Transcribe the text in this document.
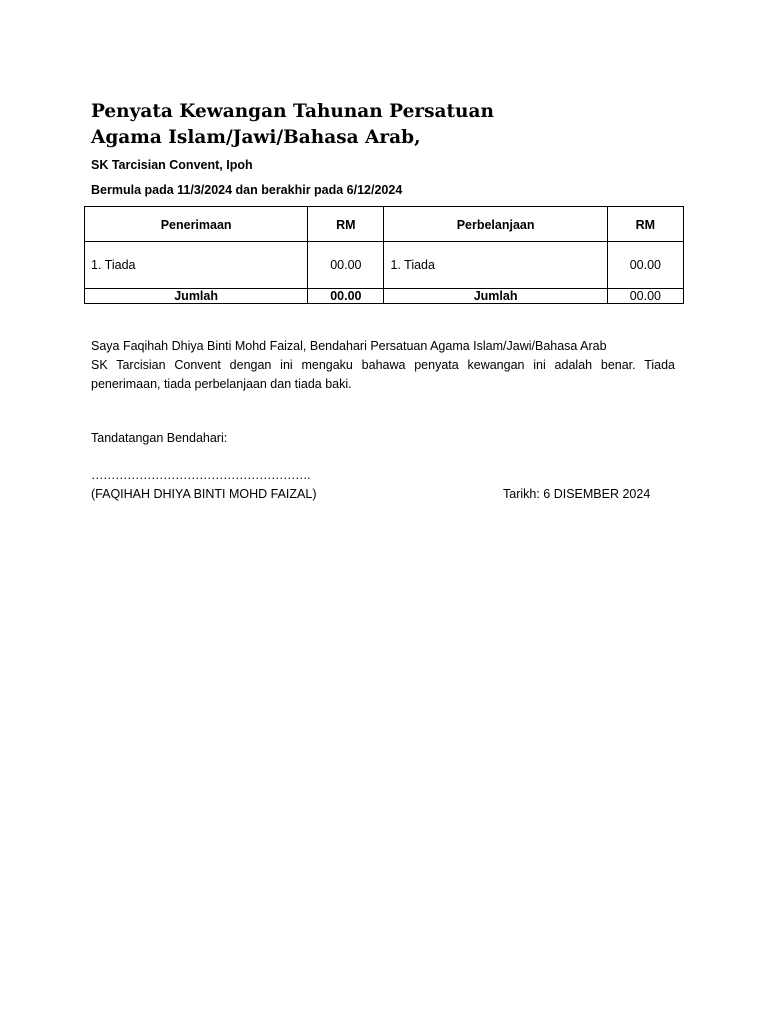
Penyata Kewangan Tahunan Persatuan Agama Islam/Jawi/Bahasa Arab,

SK Tarcisian Convent, Ipoh

Bermula pada 11/3/2024 dan berakhir pada 6/12/2024

Penerimaan	RM	Perbelanjaan	RM
1. Tiada	00.00	1. Tiada	00.00
Jumlah	00.00	Jumlah	00.00

Saya Faqihah Dhiya Binti Mohd Faizal, Bendahari Persatuan Agama Islam/Jawi/Bahasa Arab
SK Tarcisian Convent dengan ini mengaku bahawa penyata kewangan ini adalah benar. Tiada penerimaan, tiada perbelanjaan dan tiada baki.

Tandatangan Bendahari:

……………………………………………….

(FAQIHAH DHIYA BINTI MOHD FAIZAL)	Tarikh: 6 DISEMBER 2024
